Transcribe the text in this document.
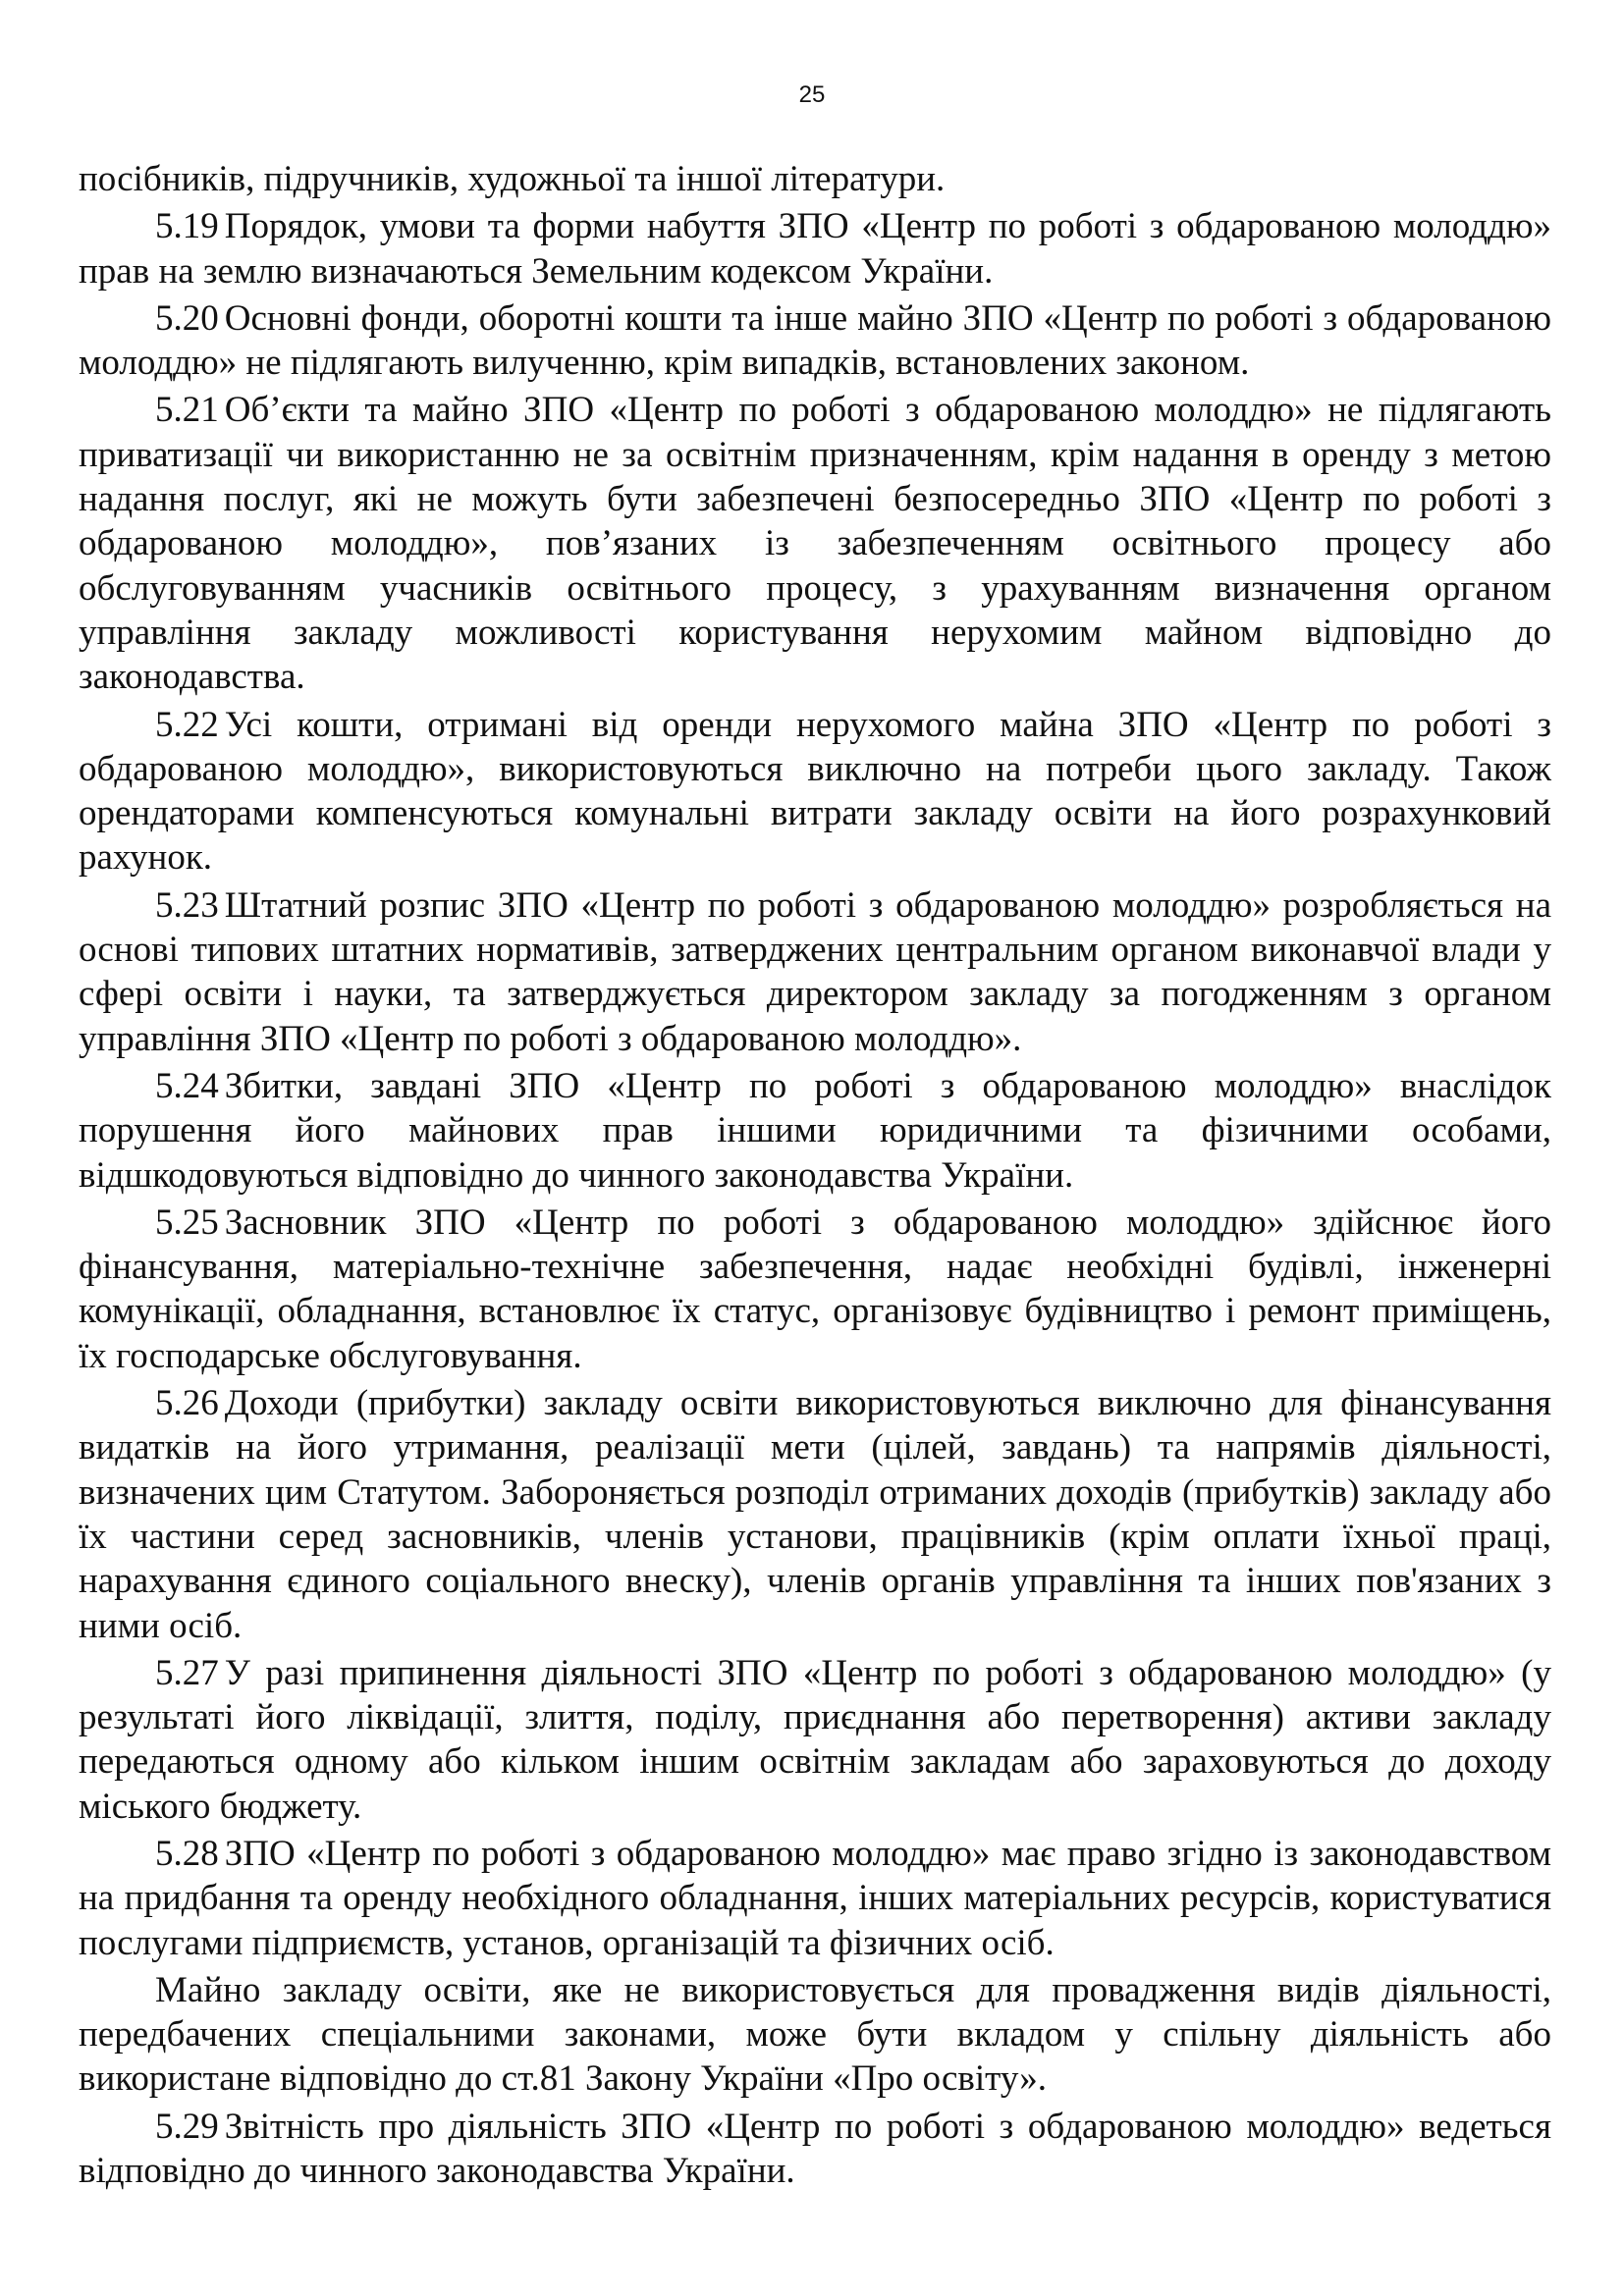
25

посібників, підручників, художньої та іншої літератури.

5.19 Порядок, умови та форми набуття ЗПО «Центр по роботі з обдарованою молоддю» прав на землю визначаються Земельним кодексом України.

5.20 Основні фонди, оборотні кошти та інше майно ЗПО «Центр по роботі з обдарованою молоддю» не підлягають вилученню, крім випадків, встановлених законом.

5.21 Об’єкти та майно ЗПО «Центр по роботі з обдарованою молоддю» не підлягають приватизації чи використанню не за освітнім призначенням, крім надання в оренду з метою надання послуг, які не можуть бути забезпечені безпосередньо ЗПО «Центр по роботі з обдарованою молоддю», пов’язаних із забезпеченням освітнього процесу або обслуговуванням учасників освітнього процесу, з урахуванням визначення органом управління закладу можливості користування нерухомим майном відповідно до законодавства.

5.22 Усі кошти, отримані від оренди нерухомого майна ЗПО «Центр по роботі з обдарованою молоддю», використовуються виключно на потреби цього закладу. Також орендаторами компенсуються комунальні витрати закладу освіти на його розрахунковий рахунок.

5.23 Штатний розпис ЗПО «Центр по роботі з обдарованою молоддю» розробляється на основі типових штатних нормативів, затверджених центральним органом виконавчої влади у сфері освіти і науки, та затверджується директором закладу за погодженням з органом управління ЗПО «Центр по роботі з обдарованою молоддю».

5.24 Збитки, завдані ЗПО «Центр по роботі з обдарованою молоддю» внаслідок порушення його майнових прав іншими юридичними та фізичними особами, відшкодовуються відповідно до чинного законодавства України.

5.25 Засновник ЗПО «Центр по роботі з обдарованою молоддю» здійснює його фінансування, матеріально-технічне забезпечення, надає необхідні будівлі, інженерні комунікації, обладнання, встановлює їх статус, організовує будівництво і ремонт приміщень, їх господарське обслуговування.

5.26 Доходи (прибутки) закладу освіти використовуються виключно для фінансування видатків на його утримання, реалізації мети (цілей, завдань) та напрямів діяльності, визначених цим Статутом. Забороняється розподіл отриманих доходів (прибутків) закладу або їх частини серед засновників, членів установи, працівників (крім оплати їхньої праці, нарахування єдиного соціального внеску), членів органів управління та інших пов'язаних з ними осіб.

5.27 У разі припинення діяльності ЗПО «Центр по роботі з обдарованою молоддю» (у результаті його ліквідації, злиття, поділу, приєднання або перетворення) активи закладу передаються одному або кільком іншим освітнім закладам або зараховуються до доходу міського бюджету.

5.28 ЗПО «Центр по роботі з обдарованою молоддю» має право згідно із законодавством на придбання та оренду необхідного обладнання, інших матеріальних ресурсів, користуватися послугами підприємств, установ, організацій та фізичних осіб.

Майно закладу освіти, яке не використовується для провадження видів діяльності, передбачених спеціальними законами, може бути вкладом у спільну діяльність або використане відповідно до ст.81 Закону України «Про освіту».

5.29 Звітність про діяльність ЗПО «Центр по роботі з обдарованою молоддю» ведеться відповідно до чинного законодавства України.
